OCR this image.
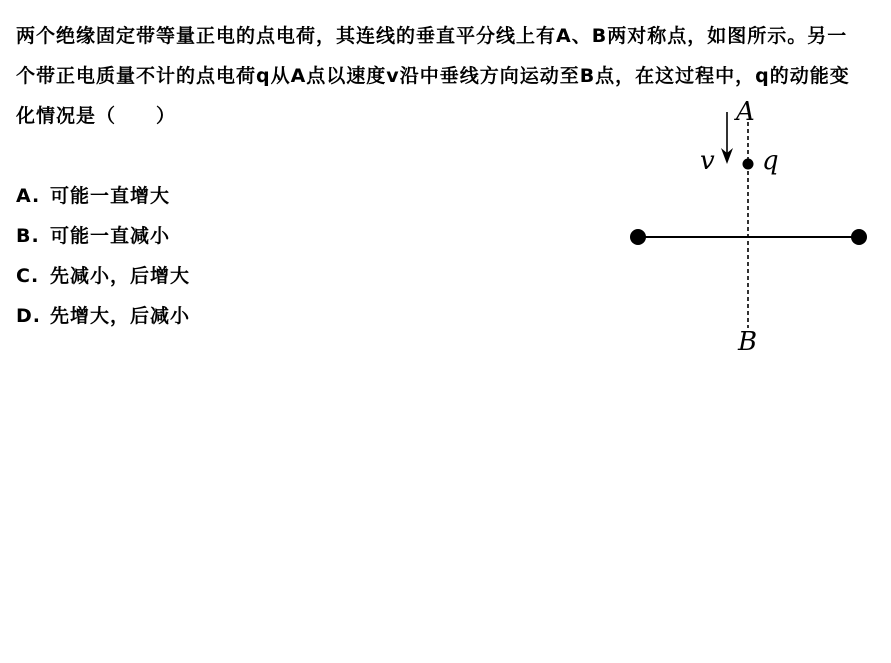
两个绝缘固定带等量正电的点电荷，其连线的垂直平分线上有A、B两对称点，如图所示。另一个带正电质量不计的点电荷q从A点以速度v沿中垂线方向运动至B点，在这过程中，q的动能变化情况是（　　）

A. 可能一直增大
B. 可能一直减小
C. 先减小，后增大
D. 先增大，后减小
A
v q
B
